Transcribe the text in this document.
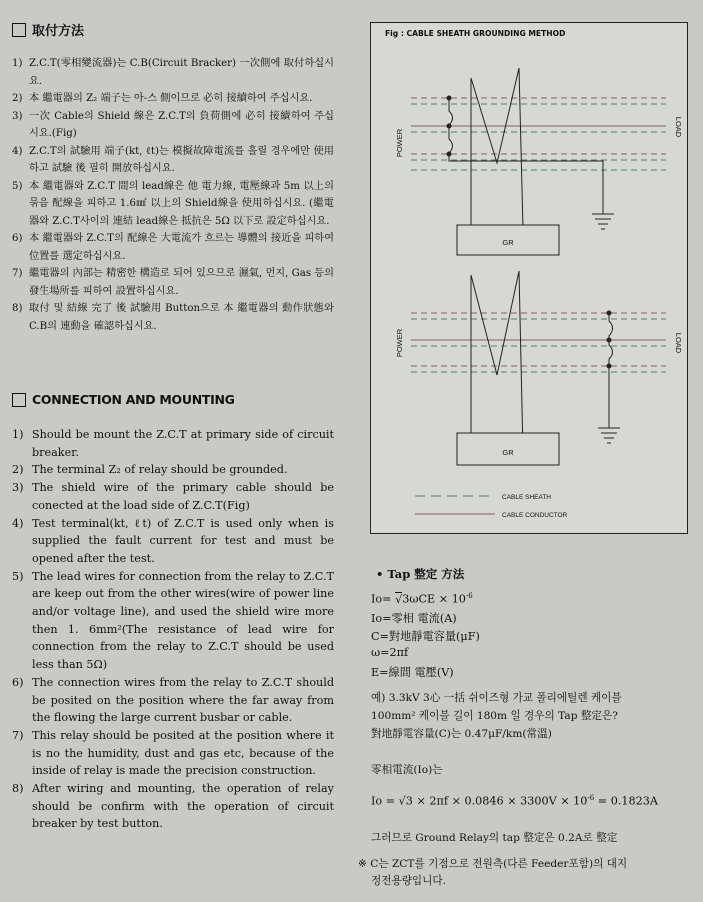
取付方法
1) Z.C.T(零相變流器)는 C.B(Circuit Bracker) 一次側에 取付하십시요.
2) 本 繼電器의 Z₂ 端子는 아-스 側이므로 必히 接續하여 주십시요.
3) 一次 Cable의 Shield 線은 Z.C.T의 負荷側에 必히 接續하여 주십시요.(Fig)
4) Z.C.T의 試驗用 端子(kt, ℓt)는 模擬故障電流를 흘릴 경우에만 使用하고 試驗 後 필히 開放하십시요.
5) 本 繼電器와 Z.C.T 間의 lead線은 他 電力線, 電壓線과 5m 以上의 묶음 配線을 피하고 1.6㎟ 以上의 Shield線을 使用하십시요. (繼電器와 Z.C.T사이의 連結 lead線은 抵抗은 5Ω 以下로 設定하십시요.
6) 本 繼電器와 Z.C.T의 配線은 大電流가 흐르는 導體의 接近을 피하여 位置를 選定하십시요.
7) 繼電器의 內部는 精密한 構造로 되어 있으므로 濕氣, 먼지, Gas 등의 發生場所를 피하여 設置하십시요.
8) 取付 및 結線 完了 後 試驗用 Button으로 本 繼電器의 動作狀態와 C.B의 連動을 確認하십시요.
CONNECTION AND MOUNTING
1) Should be mount the Z.C.T at primary side of circuit breaker.
2) The terminal Z₂ of relay should be grounded.
3) The shield wire of the primary cable should be conected at the load side of Z.C.T(Fig)
4) Test terminal(kt, ℓt) of Z.C.T is used only when is supplied the fault current for test and must be opened after the test.
5) The lead wires for connection from the relay to Z.C.T are keep out from the other wires(wire of power line and/or voltage line), and used the shield wire more then 1. 6mm²(The resistance of lead wire for connection from the relay to Z.C.T should be used less than 5Ω)
6) The connection wires from the relay to Z.C.T should be posited on the position where the far away from the flowing the large current busbar or cable.
7) This relay should be posited at the position where it is no the humidity, dust and gas etc, because of the inside of relay is made the precision construction.
8) After wiring and mounting, the operation of relay should be confirm with the operation of circuit breaker by test button.
Fig : CABLE SHEATH GROUNDING METHOD
POWER
LOAD
GR
POWER	LOAD
GR
CABLE SHEATH
CABLE CONDUCTOR
• Tap 整定 方法
$Io= √3\omega CE \times 10^{-6}$
Io=零相 電流(A)
C=對地靜電容量(μF)
ω=2πf
E=線間 電壓(V)
예) 3.3kV 3心 一括 쉬이즈형 가교 폴리에틸렌 케이블
100mm² 케이블 길이 180m 일 경우의 Tap 整定은?
對地靜電容量(C)는 0.47μF/km(常溫)
零相電流(Io)는
$Io = √3 \times 2\pi f \times 0.0846 \times 3300V \times 10^{-6} = 0.1823A$
그러므로 Ground Relay의 tap 整定은 0.2A로 整定
※ C는 ZCT를 기점으로 전원측(다른 Feeder포함)의 대지
정전용량입니다.
